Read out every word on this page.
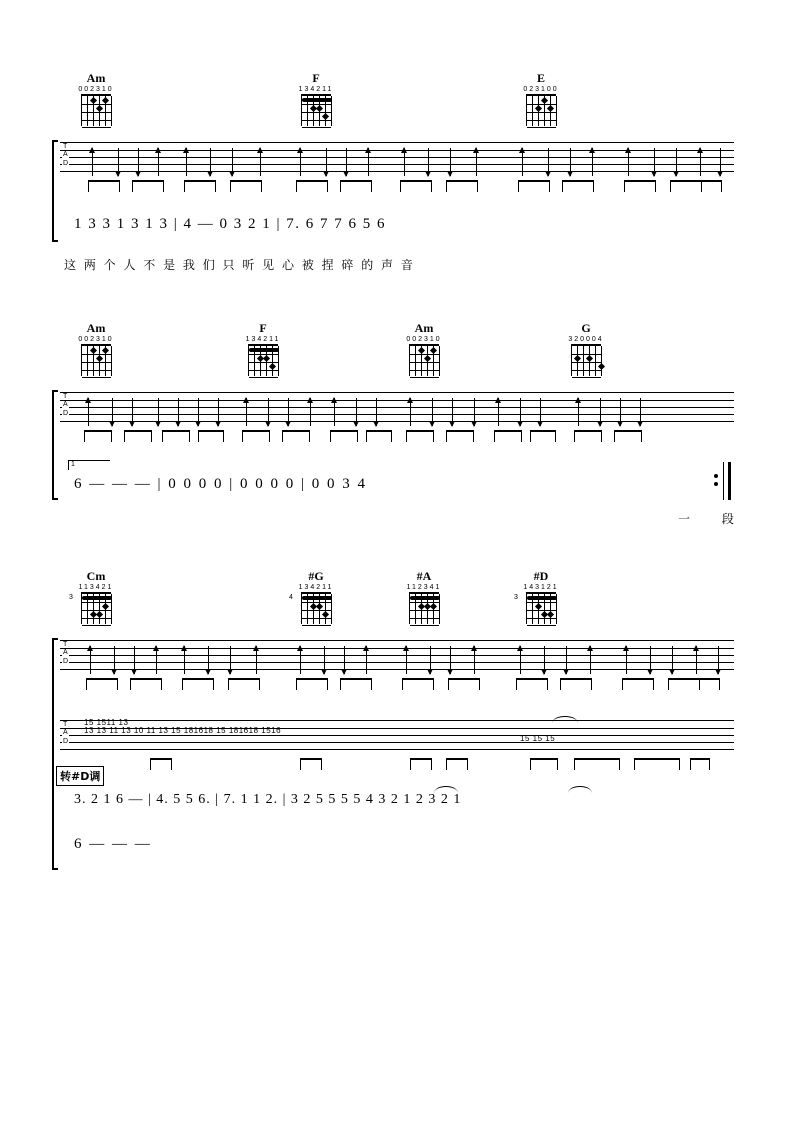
Am
002310
F
134211
E
023100
T
A
D
1 3 3 1 3 1 3 | 4 — 0 3 2 1 | 7. 6 7 7 6 5 6
这 两 个 人 不 是 我 们 只 听 见 心 被 捏 碎 的 声 音
Am
002310
F
134211
Am
002310
G
320004
T
A
D
1
6 — — — | 0 0 0 0 | 0 0 0 0 | 0 0 3 4
一 段
Cm
113421
3
#G
134211
4
#A
112341
#D
143121
3
T
A
D
T
A
D
15 1511 13
13 13 11 13 10 11 13 15 181618 15 181618 1516
15 15 15
转#D调
3. 2 1 6 — | 4. 5 5 6. | 7. 1 1 2. | 3 2 5 5 5 5 4 3 2 1 2 3 2 1
6 — — —
